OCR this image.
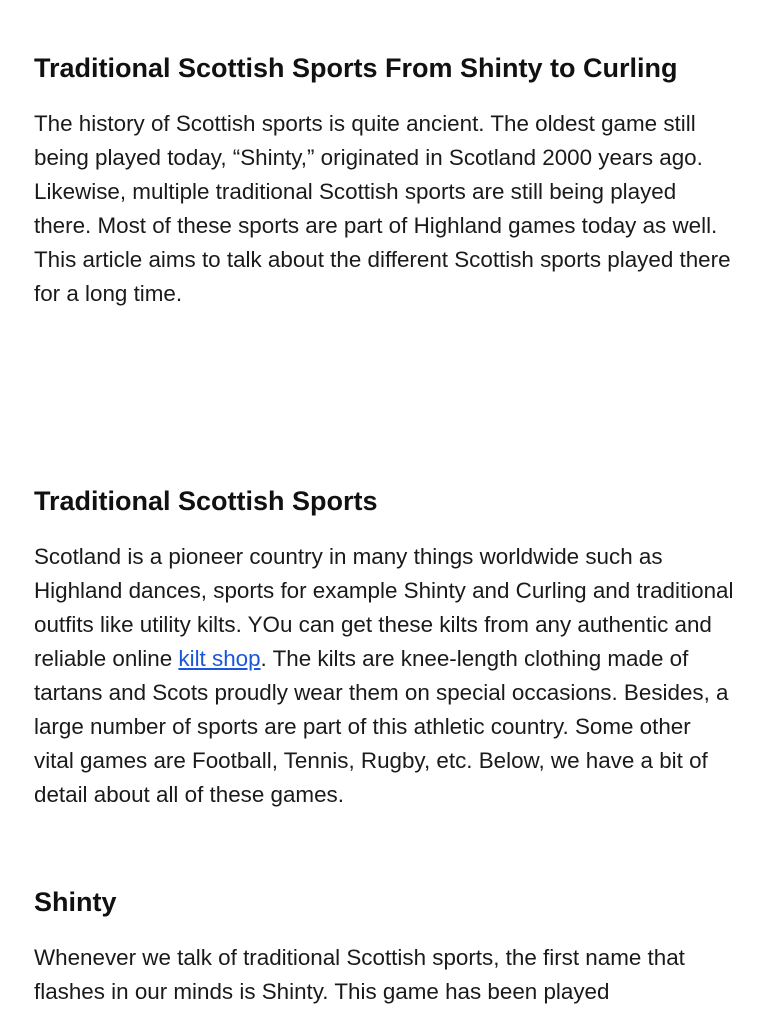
Traditional Scottish Sports From Shinty to Curling

The history of Scottish sports is quite ancient. The oldest game still being played today, “Shinty,” originated in Scotland 2000 years ago. Likewise, multiple traditional Scottish sports are still being played there. Most of these sports are part of Highland games today as well. This article aims to talk about the different Scottish sports played there for a long time.

Traditional Scottish Sports

Scotland is a pioneer country in many things worldwide such as Highland dances, sports for example Shinty and Curling and traditional outfits like utility kilts. YOu can get these kilts from any authentic and reliable online kilt shop. The kilts are knee-length clothing made of tartans and Scots proudly wear them on special occasions. Besides, a large number of sports are part of this athletic country. Some other vital games are Football, Tennis, Rugby, etc. Below, we have a bit of detail about all of these games.

Shinty

Whenever we talk of traditional Scottish sports, the first name that flashes in our minds is Shinty. This game has been played
